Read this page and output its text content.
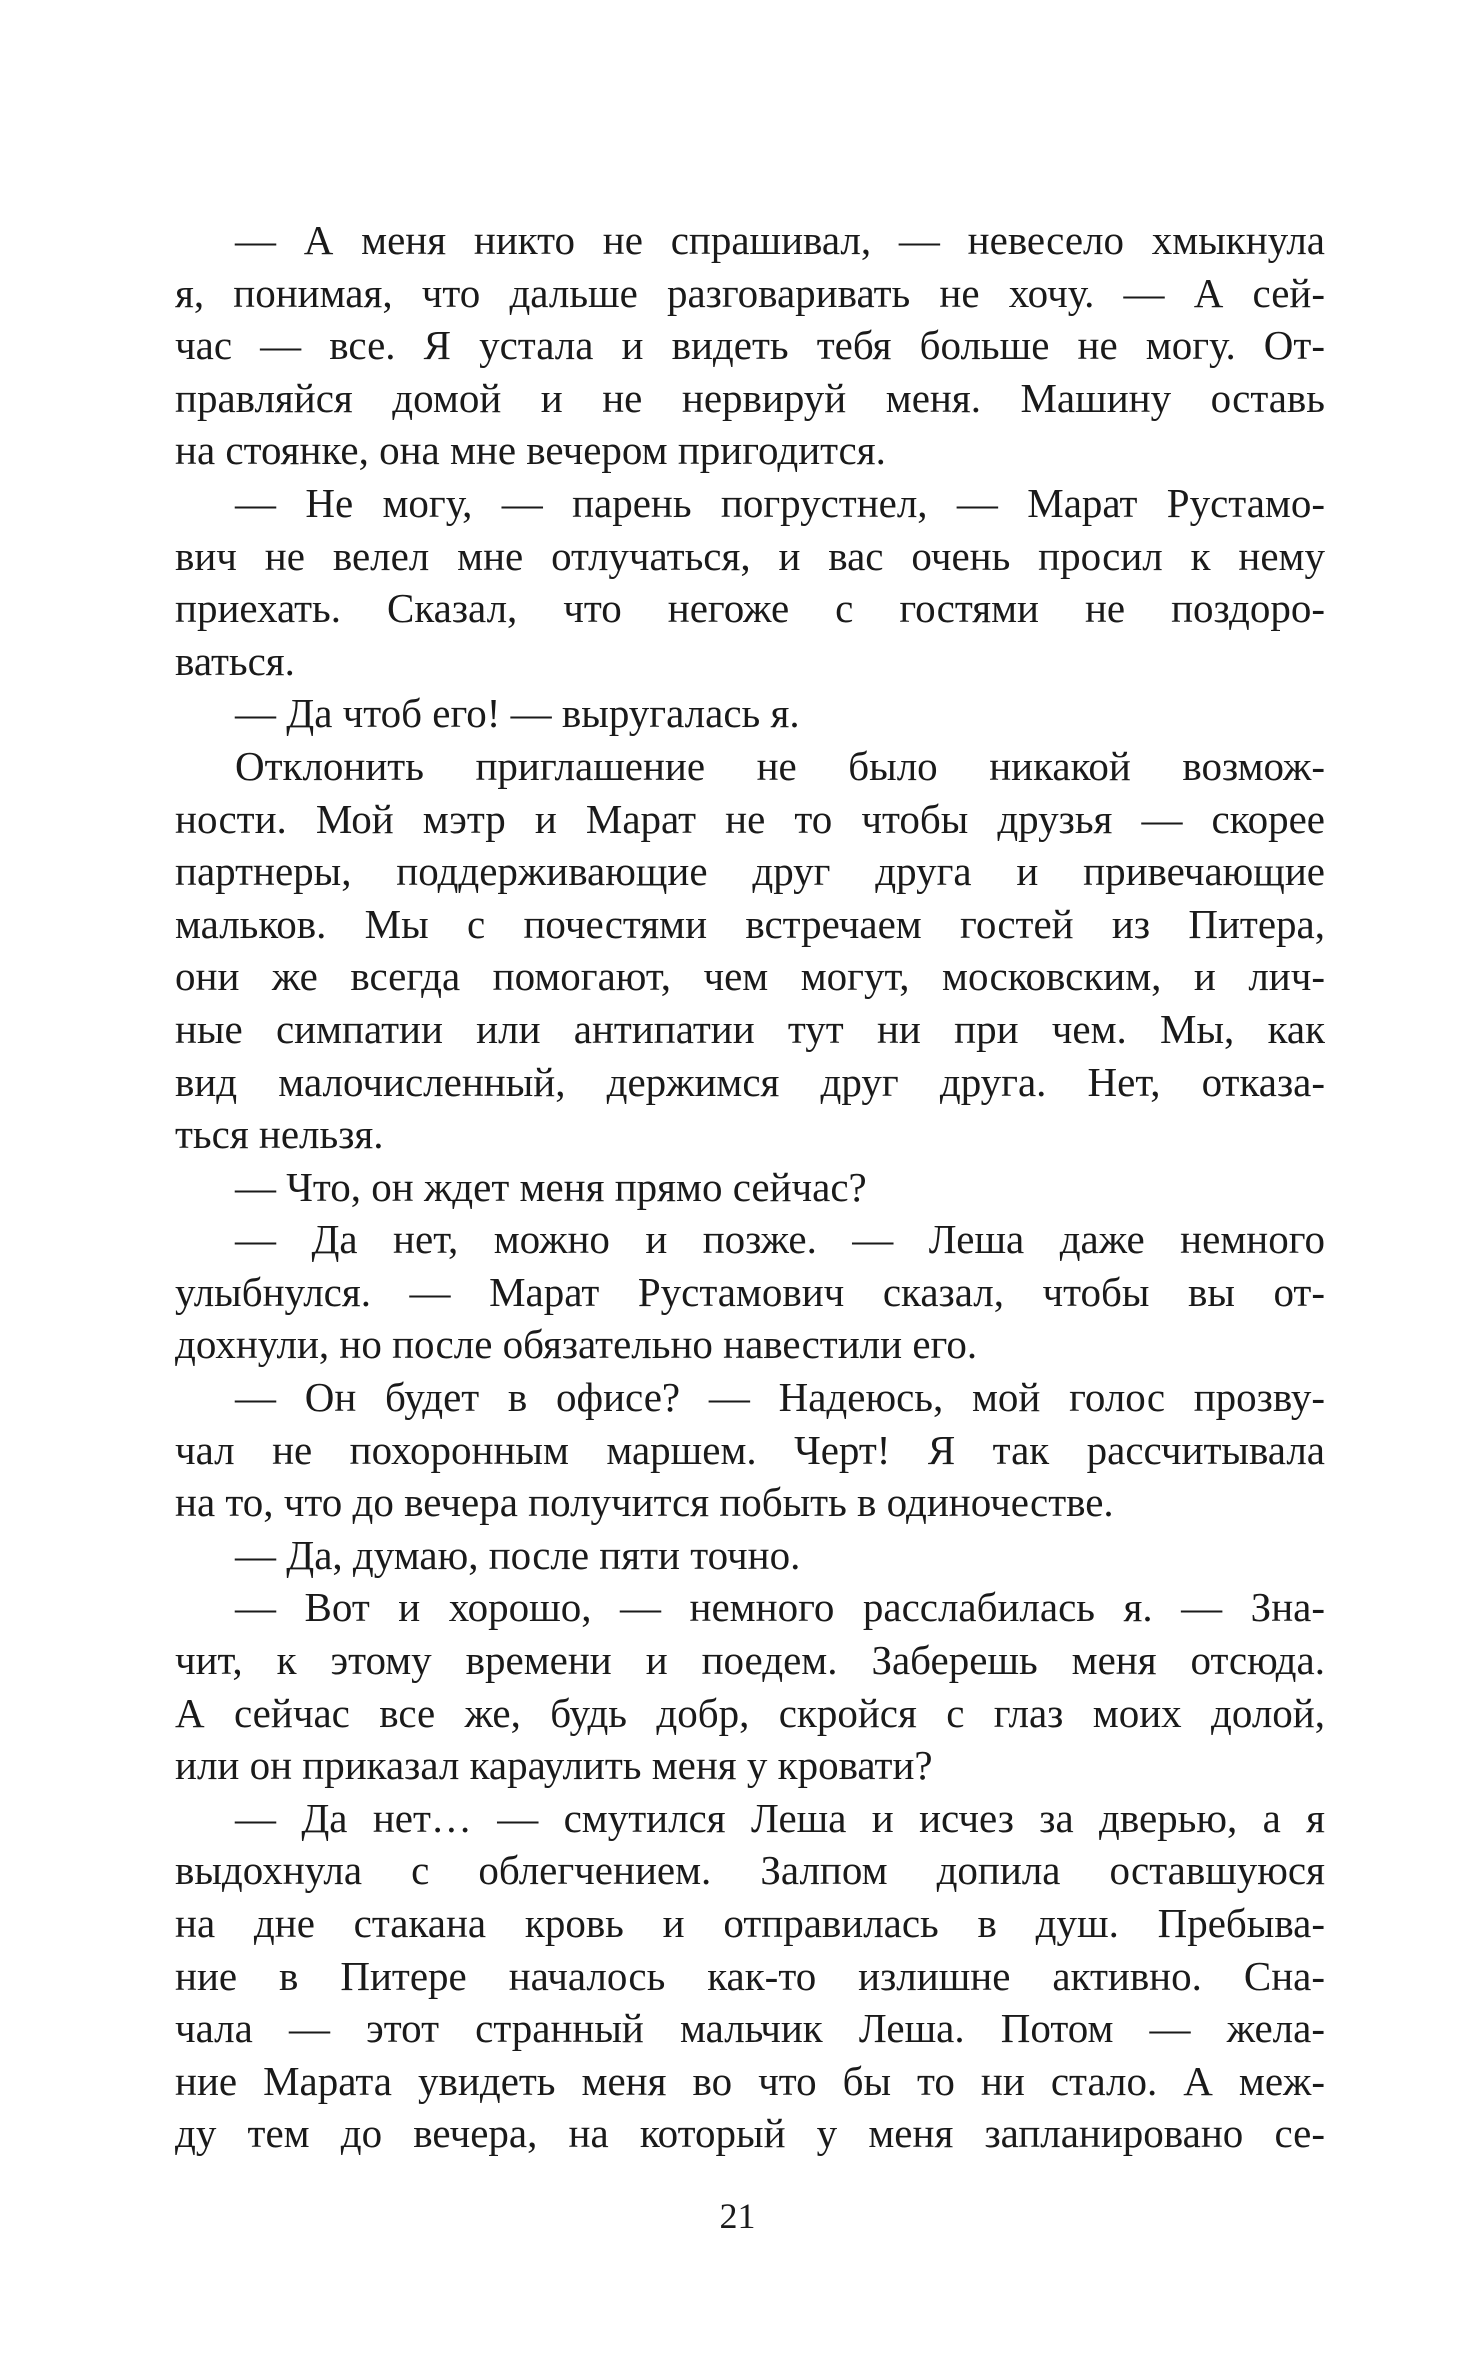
— А меня никто не спрашивал, — невесело хмыкнула
я, понимая, что дальше разговаривать не хочу. — А сей-
час — все. Я устала и видеть тебя больше не могу. От-
правляйся домой и не нервируй меня. Машину оставь
на стоянке, она мне вечером пригодится.
— Не могу, — парень погрустнел, — Марат Рустамо-
вич не велел мне отлучаться, и вас очень просил к нему
приехать. Сказал, что негоже с гостями не поздоро-
ваться.
— Да чтоб его! — выругалась я.
Отклонить приглашение не было никакой возмож-
ности. Мой мэтр и Марат не то чтобы друзья — скорее
партнеры, поддерживающие друг друга и привечающие
мальков. Мы с почестями встречаем гостей из Питера,
они же всегда помогают, чем могут, московским, и лич-
ные симпатии или антипатии тут ни при чем. Мы, как
вид малочисленный, держимся друг друга. Нет, отказа-
ться нельзя.
— Что, он ждет меня прямо сейчас?
— Да нет, можно и позже. — Леша даже немного
улыбнулся. — Марат Рустамович сказал, чтобы вы от-
дохнули, но после обязательно навестили его.
— Он будет в офисе? — Надеюсь, мой голос прозву-
чал не похоронным маршем. Черт! Я так рассчитывала
на то, что до вечера получится побыть в одиночестве.
— Да, думаю, после пяти точно.
— Вот и хорошо, — немного расслабилась я. — Зна-
чит, к этому времени и поедем. Заберешь меня отсюда.
А сейчас все же, будь добр, скройся с глаз моих долой,
или он приказал караулить меня у кровати?
— Да нет… — смутился Леша и исчез за дверью, а я
выдохнула с облегчением. Залпом допила оставшуюся
на дне стакана кровь и отправилась в душ. Пребыва-
ние в Питере началось как-то излишне активно. Сна-
чала — этот странный мальчик Леша. Потом — жела-
ние Марата увидеть меня во что бы то ни стало. А меж-
ду тем до вечера, на который у меня запланировано се-
21
